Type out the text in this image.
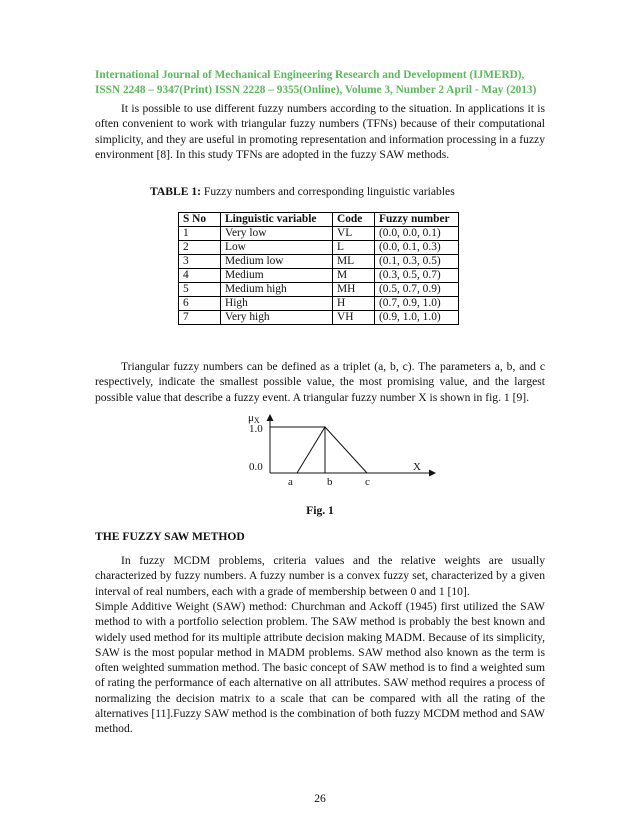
International Journal of Mechanical Engineering Research and Development (IJMERD), ISSN 2248 – 9347(Print) ISSN 2228 – 9355(Online), Volume 3, Number 2 April - May (2013)

It is possible to use different fuzzy numbers according to the situation. In applications it is often convenient to work with triangular fuzzy numbers (TFNs) because of their computational simplicity, and they are useful in promoting representation and information processing in a fuzzy environment [8]. In this study TFNs are adopted in the fuzzy SAW methods.

TABLE 1: Fuzzy numbers and corresponding linguistic variables
S No	Linguistic variable	Code	Fuzzy number
1	Very low	VL	(0.0, 0.0, 0.1)
2	Low	L	(0.0, 0.1, 0.3)
3	Medium low	ML	(0.1, 0.3, 0.5)
4	Medium	M	(0.3, 0.5, 0.7)
5	Medium high	MH	(0.5, 0.7, 0.9)
6	High	H	(0.7, 0.9, 1.0)
7	Very high	VH	(0.9, 1.0, 1.0)

Triangular fuzzy numbers can be defined as a triplet (a, b, c). The parameters a, b, and c respectively, indicate the smallest possible value, the most promising value, and the largest possible value that describe a fuzzy event. A triangular fuzzy number X is shown in fig. 1 [9].

μX
1.0
0.0	X
a	b	c
Fig. 1
THE FUZZY SAW METHOD

In fuzzy MCDM problems, criteria values and the relative weights are usually characterized by fuzzy numbers. A fuzzy number is a convex fuzzy set, characterized by a given interval of real numbers, each with a grade of membership between 0 and 1 [10].

Simple Additive Weight (SAW) method: Churchman and Ackoff (1945) first utilized the SAW method to with a portfolio selection problem. The SAW method is probably the best known and widely used method for its multiple attribute decision making MADM. Because of its simplicity, SAW is the most popular method in MADM problems. SAW method also known as the term is often weighted summation method. The basic concept of SAW method is to find a weighted sum of rating the performance of each alternative on all attributes. SAW method requires a process of normalizing the decision matrix to a scale that can be compared with all the rating of the alternatives [11].Fuzzy SAW method is the combination of both fuzzy MCDM method and SAW method.

26
